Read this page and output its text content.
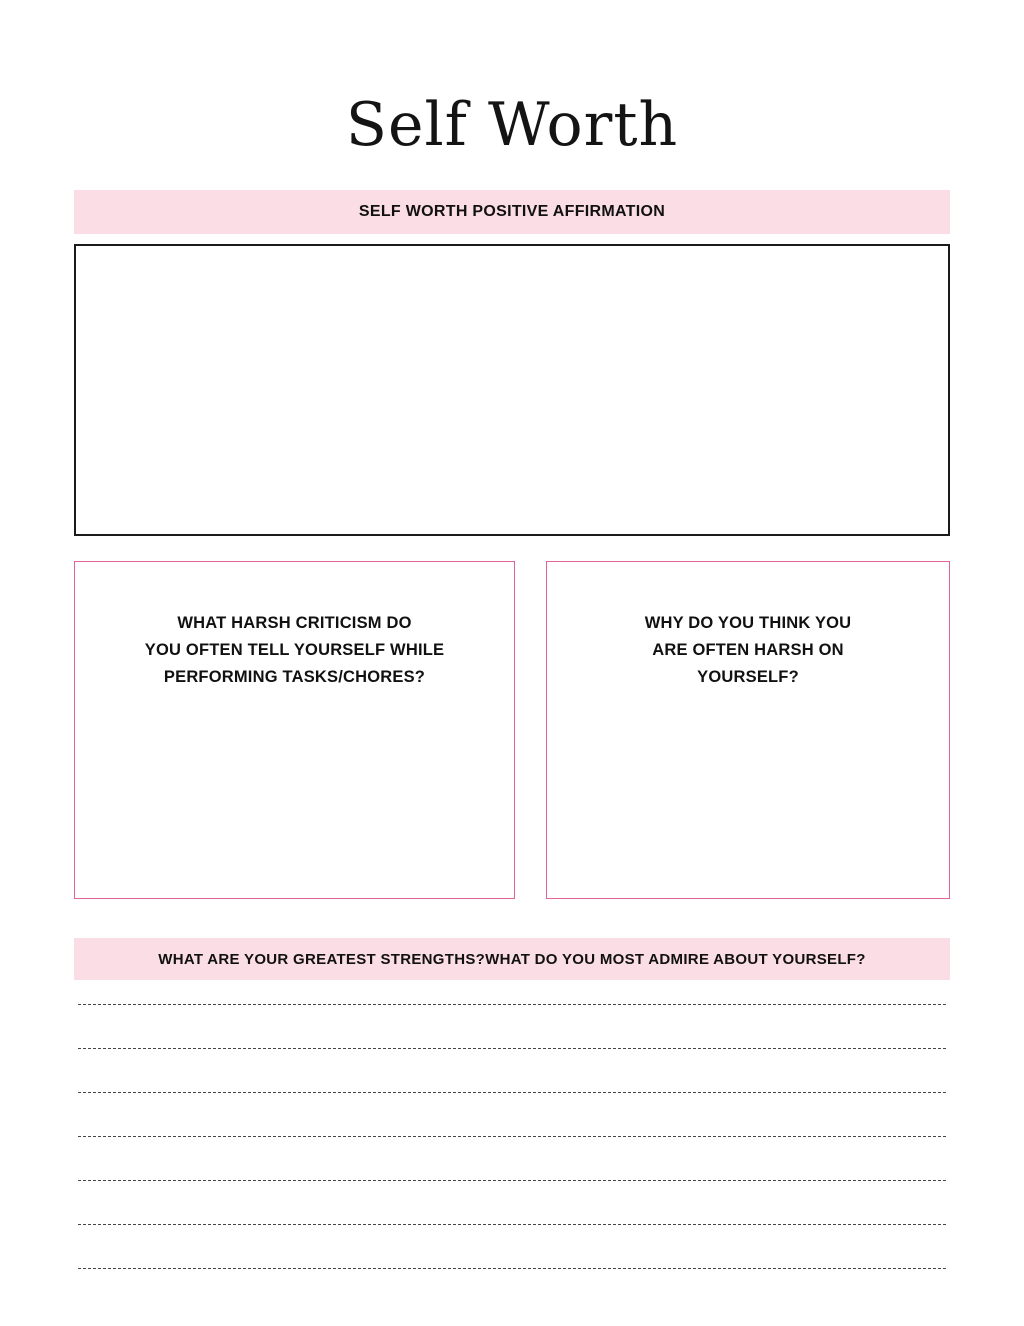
Self Worth
SELF WORTH POSITIVE AFFIRMATION
WHAT HARSH CRITICISM DO
YOU OFTEN TELL YOURSELF WHILE
PERFORMING TASKS/CHORES?
WHY DO YOU THINK YOU
ARE OFTEN HARSH ON
YOURSELF?
WHAT ARE YOUR GREATEST STRENGTHS?WHAT DO YOU MOST ADMIRE ABOUT YOURSELF?
